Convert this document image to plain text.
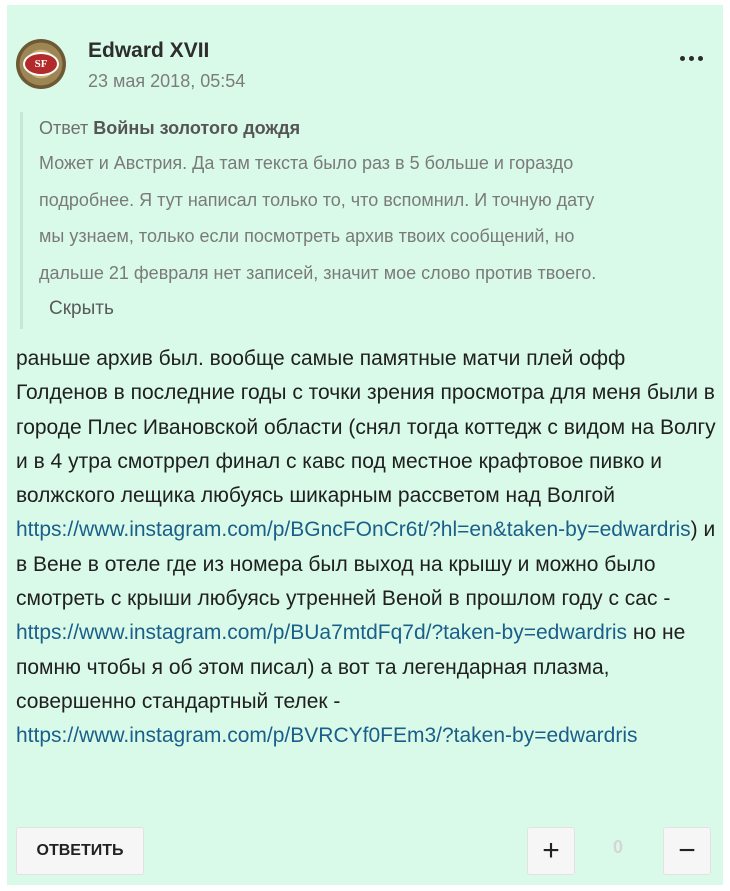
SF
Edward XVII
23 мая 2018, 05:54
Ответ Войны золотого дождя
Может и Австрия. Да там текста было раз в 5 больше и гораздо
подробнее. Я тут написал только то, что вспомнил. И точную дату
мы узнаем, только если посмотреть архив твоих сообщений, но
дальше 21 февраля нет записей, значит мое слово против твоего.
Скрыть
раньше архив был. вообще самые памятные матчи плей офф Голденов в последние годы с точки зрения просмотра для меня были в городе Плес Ивановской области (снял тогда коттедж с видом на Волгу и в 4 утра смотррел финал с кавс под местное крафтовое пивко и волжского лещика любуясь шикарным рассветом над Волгой https://www.instagram.com/p/BGncFOnCr6t/?hl=en&taken-by=edwardris) и в Вене в отеле где из номера был выход на крышу и можно было смотреть с крыши любуясь утренней Веной в прошлом году с сас - https://www.instagram.com/p/BUa7mtdFq7d/?taken-by=edwardris но не помню чтобы я об этом писал) а вот та легендарная плазма, совершенно стандартный телек - https://www.instagram.com/p/BVRCYf0FEm3/?taken-by=edwardris
ОТВЕТИТЬ	+	0	−
